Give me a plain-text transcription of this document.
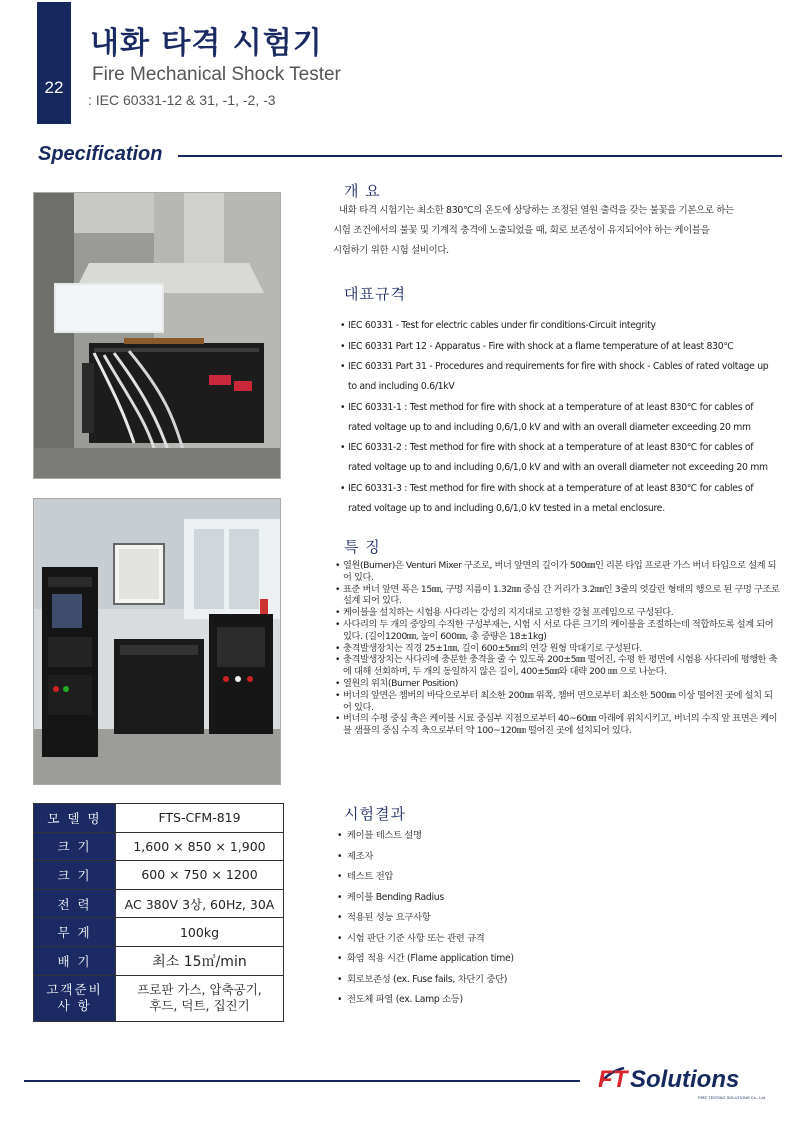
22
내화 타격 시험기
Fire Mechanical Shock Tester
: IEC 60331-12 & 31, -1, -2, -3
Specification
모 델 명	FTS-CFM-819
크 기	1,600 × 850 × 1,900
크 기	600 × 750 × 1200
전 력	AC 380V 3상, 60Hz, 30A
무 게	100kg
배 기	최소 15㎥/min
고객준비
사 항	프로판 가스, 압축공기,
후드, 덕트, 집진기
개 요

내화 타격 시험기는 최소한 830℃의 온도에 상당하는 조정된 열원 출력을 갖는 불꽃을 기본으로 하는

시험 조건에서의 불꽃 및 기계적 충격에 노출되었을 때, 회로 보존성이 유지되어야 하는 케이블을

시험하기 위한 시험 설비이다.

대표규격
• IEC 60331 - Test for electric cables under fir conditions-Circuit integrity
• IEC 60331 Part 12 - Apparatus - Fire with shock at a flame temperature of at least 830℃
• IEC 60331 Part 31 - Procedures and requirements for fire with shock - Cables of rated voltage up to and including 0.6/1kV
• IEC 60331-1 : Test method for fire with shock at a temperature of at least 830℃ for cables of rated voltage up to and including 0,6/1,0 kV and with an overall diameter exceeding 20 mm
• IEC 60331-2 : Test method for fire with shock at a temperature of at least 830℃ for cables of rated voltage up to and including 0,6/1,0 kV and with an overall diameter not exceeding 20 mm
• IEC 60331-3 : Test method for fire with shock at a temperature of at least 830℃ for cables of rated voltage up to and including 0,6/1,0 kV tested in a metal enclosure.
특 징
• 열원(Burner)은 Venturi Mixer 구조로, 버너 앞면의 길이가 500㎜인 리본 타입 프로판 가스 버너 타입으로 설계 되어 있다.
• 표준 버너 앞면 폭은 15㎜, 구멍 지름이 1.32㎜ 중심 간 거리가 3.2㎜인 3줄의 엇갈린 형태의 행으로 된 구멍 구조로 설계 되어 있다.
• 케이블을 설치하는 시험용 사다리는 강성의 지지대로 고정한 강철 프레임으로 구성된다.
• 사다리의 두 개의 중앙의 수직한 구성부재는, 시험 시 서로 다른 크기의 케이블을 조절하는데 적합하도록 설계 되어 있다. (길이1200㎜, 높이 600㎜, 총 중량은 18±1kg)
• 충격발생장치는 직경 25±1㎜, 길이 600±5㎜의 연강 원형 막대기로 구성된다.
• 충격발생장치는 사다리에 충분한 충격을 줄 수 있도록 200±5㎜ 떨어진, 수평 한 평면에 시험용 사다리에 평행한 축에 대해 선회하며, 두 개의 동일하지 않은 길이, 400±5㎜와 대략 200 ㎜ 으로 나눈다.
• 열원의 위치(Burner Position)
• 버너의 앞면은 챔버의 바닥으로부터 최소한 200㎜ 위쪽, 챔버 면으로부터 최소한 500㎜ 이상 떨어진 곳에 설치 되어 있다.
• 버너의 수평 중심 축은 케이블 시료 중심부 지점으로부터 40~60㎜ 아래에 위치시키고, 버너의 수직 앞 표면은 케이블 샘플의 중심 수직 축으로부터 약 100~120㎜ 떨어진 곳에 설치되어 있다.
시험결과
• 케이블 테스트 설명
• 제조자
• 테스트 전압
• 케이블 Bending Radius
• 적용된 성능 요구사항
• 시험 판단 기준 사항 또는 관련 규격
• 화염 적용 시간 (Flame application time)
• 회로보존성 (ex. Fuse fails, 차단기 중단)
• 전도체 파열 (ex. Lamp 소등)
FT Solutions
FIRE TESTING SOLUTIONS Co., Ltd.
